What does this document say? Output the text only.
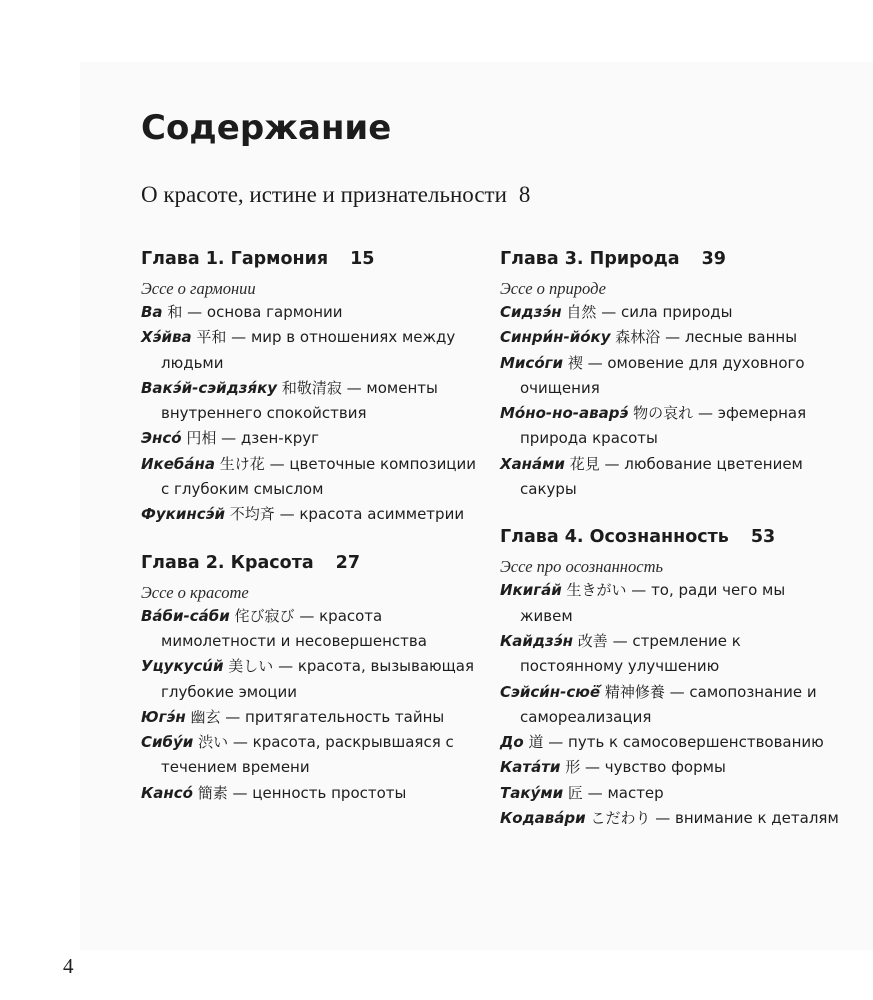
Содержание

О красоте, истине и признательности 8

Глава 1. Гармония 15
Эссе о гармонии
Ва 和 — основа гармонии
Хэ́йва 平和 — мир в отношениях между людьми
Вакэ́й-сэйдзя́ку 和敬清寂 — моменты внутреннего спокойствия
Энсо́ 円相 — дзен-круг
Икеба́на 生け花 — цветочные композиции с глубоким смыслом
Фукинсэ́й 不均斉 — красота асимметрии
Глава 2. Красота 27
Эссе о красоте
Ва́би-са́би 侘び寂び — красота мимолетности и несовершенства
Уцукусúй 美しい — красота, вызывающая глубокие эмоции
Югэ́н 幽玄 — притягательность тайны
Сибу́и 渋い — красота, раскрывшаяся с течением времени
Кансо́ 簡素 — ценность простоты
Глава 3. Природа 39
Эссе о природе
Сидзэ́н 自然 — сила природы
Синри́н-йо́ку 森林浴 — лесные ванны
Мисо́ги 禊 — омовение для духовного очищения
Мо́но-но-аварэ́ 物の哀れ — эфемерная природа красоты
Хана́ми 花見 — любование цветением сакуры
Глава 4. Осознанность 53
Эссе про осознанность
Икига́й 生きがい — то, ради чего мы живем
Кайдзэ́н 改善 — стремление к постоянному улучшению
Сэйси́н-сюё́ 精神修養 — самопознание и самореализация
До 道 — путь к самосовершенствованию
Ката́ти 形 — чувство формы
Таку́ми 匠 — мастер
Кодава́ри こだわり — внимание к деталям
4
